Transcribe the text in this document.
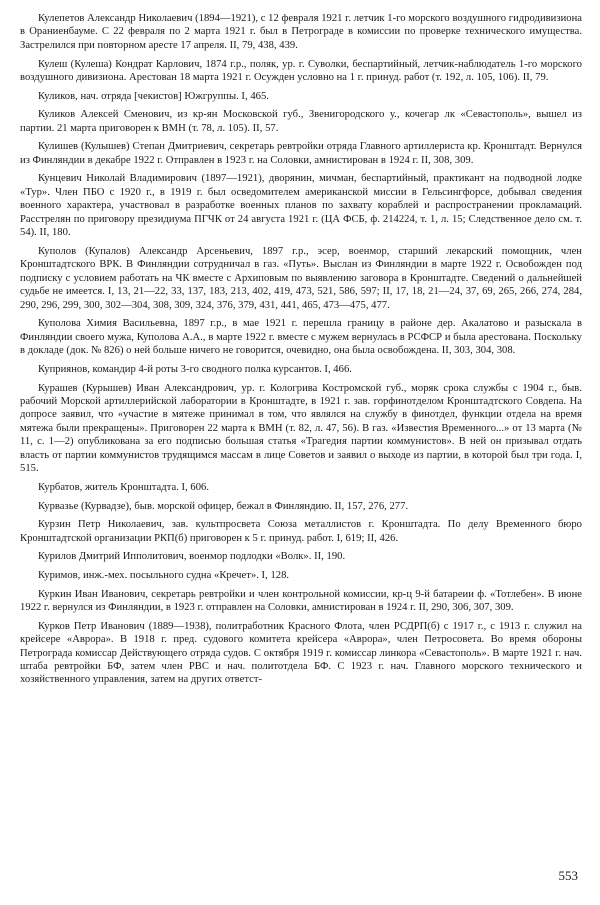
Кулепетов Александр Николаевич (1894—1921), с 12 февраля 1921 г. летчик 1-го морского воздушного гидродивизиона в Ораниенбауме. С 22 февраля по 2 марта 1921 г. был в Петрограде в комиссии по проверке технического имущества. Застрелился при повторном аресте 17 апреля. II, 79, 438, 439.

Кулеш (Кулеша) Кондрат Карлович, 1874 г.р., поляк, ур. г. Суволки, беспартийный, летчик-наблюдатель 1-го морского воздушного дивизиона. Арестован 18 марта 1921 г. Осужден условно на 1 г. принуд. работ (т. 192, л. 105, 106). II, 79.

Куликов, нач. отряда [чекистов] Южгруппы. I, 465.

Куликов Алексей Сменович, из кр-ян Московской губ., Звенигородского у., кочегар лк «Севастополь», вышел из партии. 21 марта приговорен к ВМН (т. 78, л. 105). II, 57.

Кулишев (Кулышев) Степан Дмитриевич, секретарь ревтройки отряда Главного артиллериста кр. Кронштадт. Вернулся из Финляндии в декабре 1922 г. Отправлен в 1923 г. на Соловки, амнистирован в 1924 г. II, 308, 309.

Кунцевич Николай Владимирович (1897—1921), дворянин, мичман, беспартийный, практикант на подводной лодке «Тур». Член ПБО с 1920 г., в 1919 г. был осведомителем американской миссии в Гельсингфорсе, добывал сведения военного характера, участвовал в разработке военных планов по захвату кораблей и распространении прокламаций. Расстрелян по приговору президиума ПГЧК от 24 августа 1921 г. (ЦА ФСБ, ф. 214224, т. 1, л. 15; Следственное дело см. т. 54). II, 180.

Куполов (Купалов) Александр Арсеньевич, 1897 г.р., эсер, военмор, старший лекарский помощник, член Кронштадтского ВРК. В Финляндии сотрудничал в газ. «Путь». Выслан из Финляндии в марте 1922 г. Освобожден под подписку с условием работать на ЧК вместе с Архиповым по выявлению заговора в Кронштадте. Сведений о дальнейшей судьбе не имеется. I, 13, 21—22, 33, 137, 183, 213, 402, 419, 473, 521, 586, 597; II, 17, 18, 21—24, 37, 69, 265, 266, 274, 284, 290, 296, 299, 300, 302—304, 308, 309, 324, 376, 379, 431, 441, 465, 473—475, 477.

Куполова Химия Васильевна, 1897 г.р., в мае 1921 г. перешла границу в районе дер. Акалатово и разыскала в Финляндии своего мужа, Куполова А.А., в марте 1922 г. вместе с мужем вернулась в РСФСР и была арестована. Поскольку в докладе (док. № 826) о ней больше ничего не говорится, очевидно, она была освобождена. II, 303, 304, 308.

Куприянов, командир 4-й роты 3-го сводного полка курсантов. I, 466.

Курашев (Курышев) Иван Александрович, ур. г. Кологрива Костромской губ., моряк срока службы с 1904 г., быв. рабочий Морской артиллерийской лаборатории в Кронштадте, в 1921 г. зав. горфинотделом Кронштадтского Совдепа. На допросе заявил, что «участие в мятеже принимал в том, что являлся на службу в финотдел, функции отдела на время мятежа были прекращены». Приговорен 22 марта к ВМН (т. 82, л. 47, 56). В газ. «Известия Временного...» от 13 марта (№ 11, с. 1—2) опубликована за его подписью большая статья «Трагедия партии коммунистов». В ней он призывал отдать власть от партии коммунистов трудящимся массам в лице Советов и заявил о выходе из партии, в которой был три года. I, 515.

Курбатов, житель Кронштадта. I, 606.

Курвазье (Курвадзе), быв. морской офицер, бежал в Финляндию. II, 157, 276, 277.

Курзин Петр Николаевич, зав. культпросвета Союза металлистов г. Кронштадта. По делу Временного бюро Кронштадтской организации РКП(б) приговорен к 5 г. принуд. работ. I, 619; II, 426.

Курилов Дмитрий Ипполитович, военмор подлодки «Волк». II, 190.

Куримов, инж.-мех. посыльного судна «Кречет». I, 128.

Куркин Иван Иванович, секретарь ревтройки и член контрольной комиссии, кр-ц 9-й батареии ф. «Тотлебен». В июне 1922 г. вернулся из Финляндии, в 1923 г. отправлен на Соловки, амнистирован в 1924 г. II, 290, 306, 307, 309.

Курков Петр Иванович (1889—1938), политработник Красного Флота, член РСДРП(б) с 1917 г., с 1913 г. служил на крейсере «Аврора». В 1918 г. пред. судового комитета крейсера «Аврора», член Петросовета. Во время обороны Петрограда комиссар Действующего отряда судов. С октября 1919 г. комиссар линкора «Севастополь». В марте 1921 г. нач. штаба ревтройки БФ, затем член РВС и нач. политотдела БФ. С 1923 г. нач. Главного морского технического и хозяйственного управления, затем на других ответст-

553
